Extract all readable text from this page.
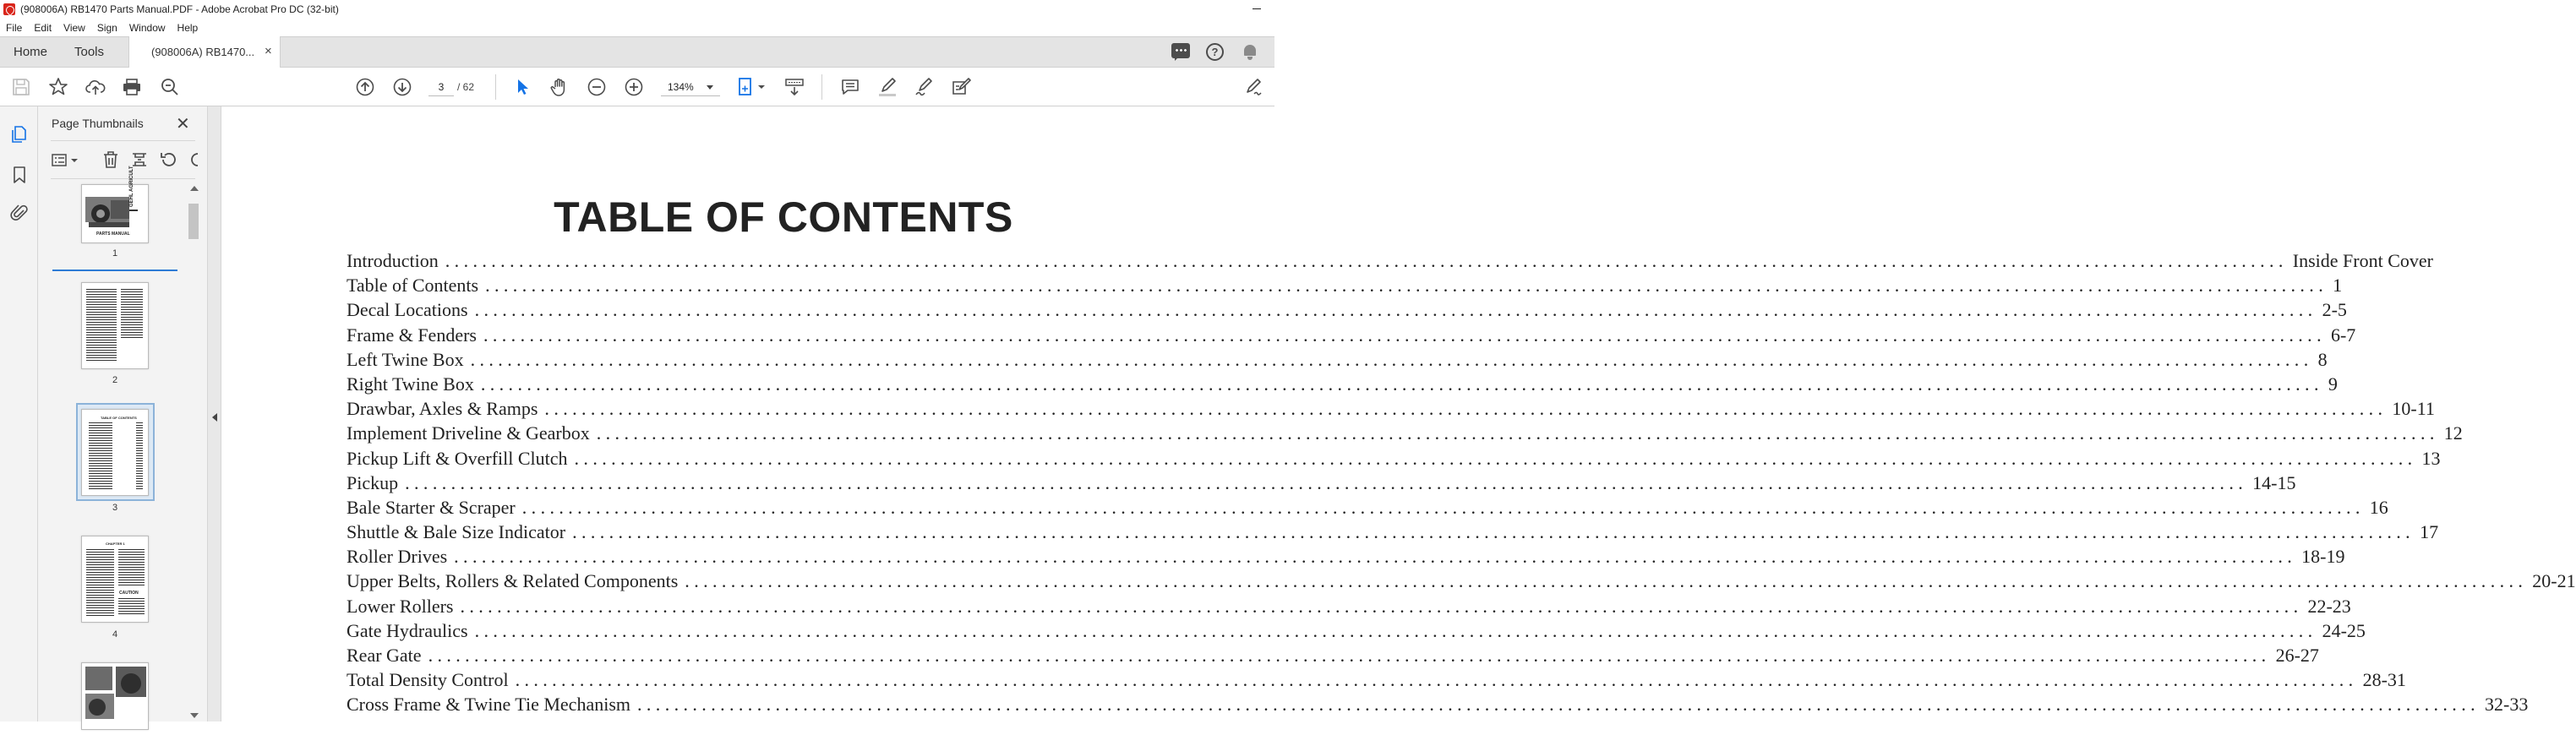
(908006A) RB1470 Parts Manual.PDF - Adobe Acrobat Pro DC (32-bit)
File	Edit	View	Sign	Window	Help
Home Tools	(908006A) RB1470... ×	?
3	/ 62	134%
Page Thumbnails ✕
PARTS MANUAL
GEHL AGRICULT
1
2
TABLE OF CONTENTS
3
CHAPTER 1
CAUTION
4
TABLE OF CONTENTS
Introduction ........................................................................................................................................................................................................ Inside Front Cover
Table of Contents ........................................................................................................................................................................................................ 1
Decal Locations ........................................................................................................................................................................................................ 2-5
Frame & Fenders ........................................................................................................................................................................................................ 6-7
Left Twine Box ........................................................................................................................................................................................................ 8
Right Twine Box ........................................................................................................................................................................................................ 9
Drawbar, Axles & Ramps ........................................................................................................................................................................................................ 10-11
Implement Driveline & Gearbox ........................................................................................................................................................................................................ 12
Pickup Lift & Overfill Clutch ........................................................................................................................................................................................................ 13
Pickup ........................................................................................................................................................................................................ 14-15
Bale Starter & Scraper ........................................................................................................................................................................................................ 16
Shuttle & Bale Size Indicator ........................................................................................................................................................................................................ 17
Roller Drives ........................................................................................................................................................................................................ 18-19
Upper Belts, Rollers & Related Components ........................................................................................................................................................................................................ 20-21
Lower Rollers ........................................................................................................................................................................................................ 22-23
Gate Hydraulics ........................................................................................................................................................................................................ 24-25
Rear Gate ........................................................................................................................................................................................................ 26-27
Total Density Control ........................................................................................................................................................................................................ 28-31
Cross Frame & Twine Tie Mechanism ........................................................................................................................................................................................................ 32-33
